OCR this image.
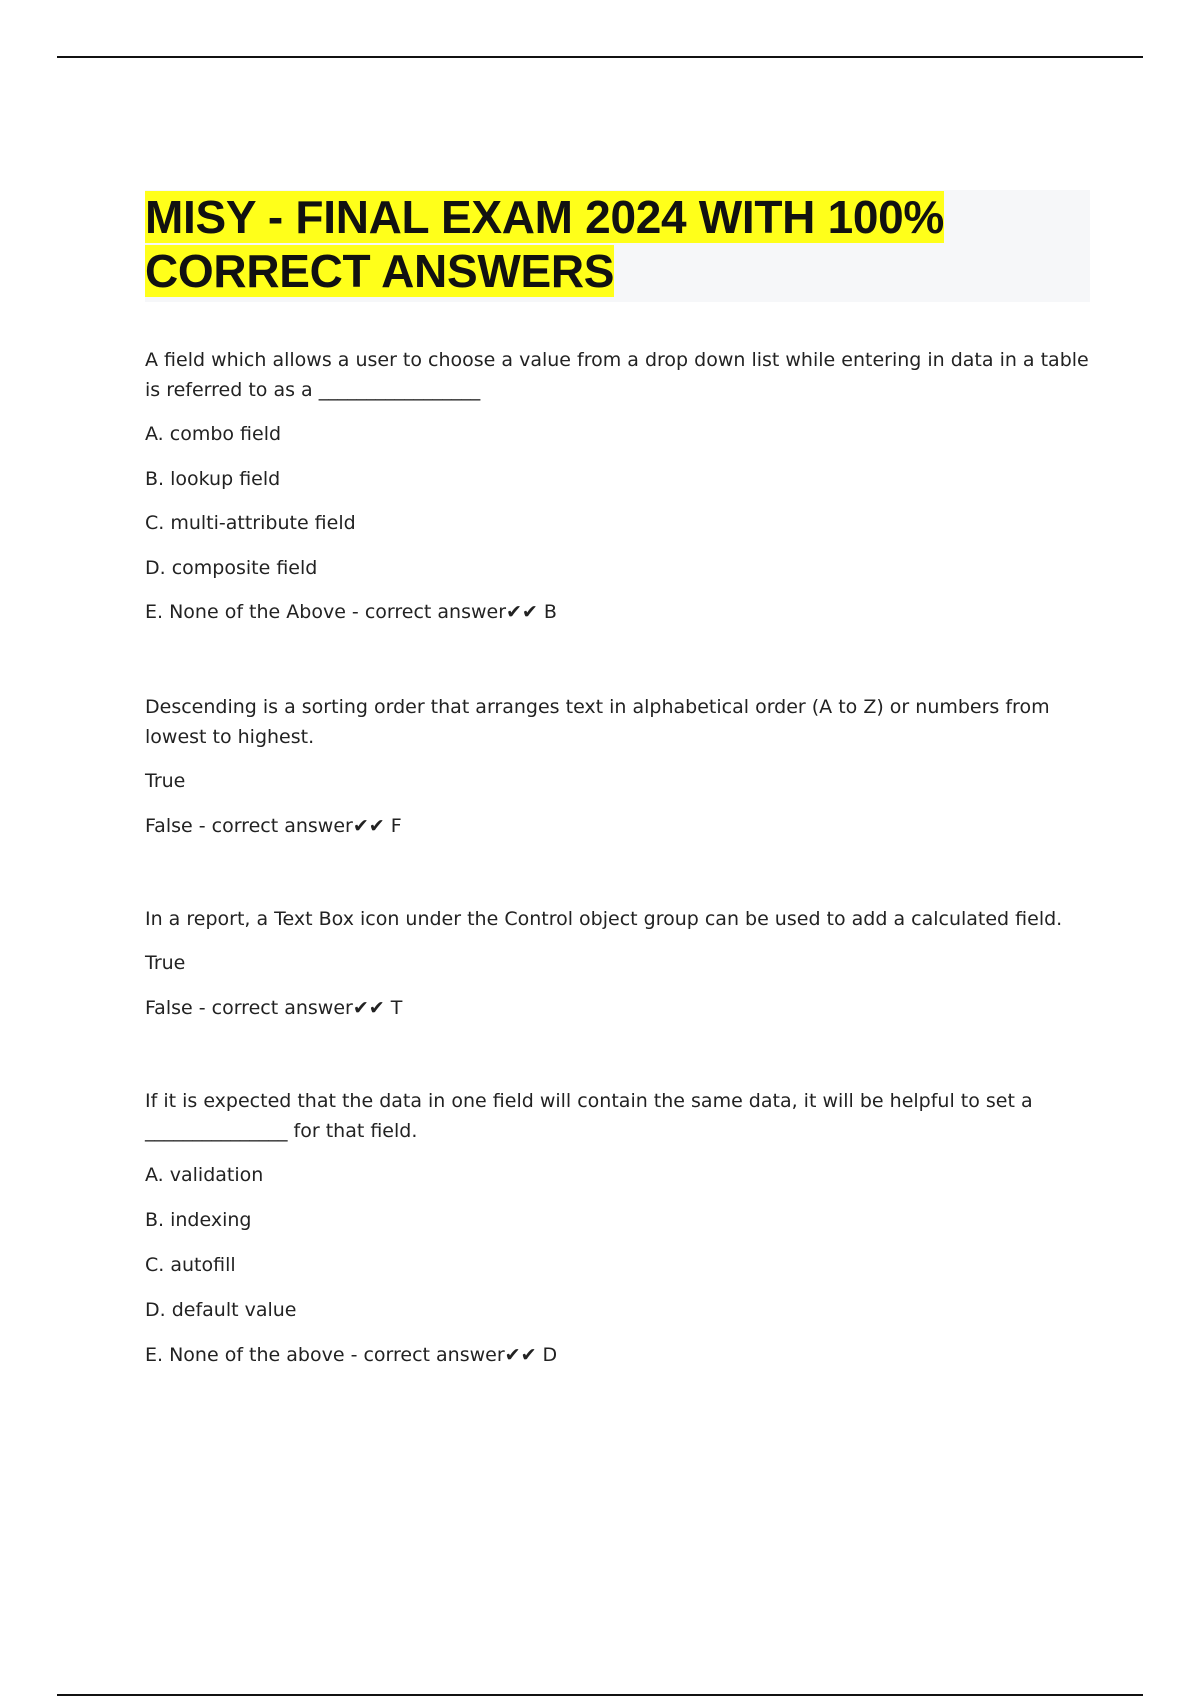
MISY - FINAL EXAM 2024 WITH 100%
CORRECT ANSWERS

A field which allows a user to choose a value from a drop down list while entering in data in a table is referred to as a _________________

A. combo field

B. lookup field

C. multi-attribute field

D. composite field

E. None of the Above - correct answer✔✔ B

Descending is a sorting order that arranges text in alphabetical order (A to Z) or numbers from lowest to highest.

True

False - correct answer✔✔ F

In a report, a Text Box icon under the Control object group can be used to add a calculated field.

True

False - correct answer✔✔ T

If it is expected that the data in one field will contain the same data, it will be helpful to set a _______________ for that field.

A. validation

B. indexing

C. autofill

D. default value

E. None of the above - correct answer✔✔ D
